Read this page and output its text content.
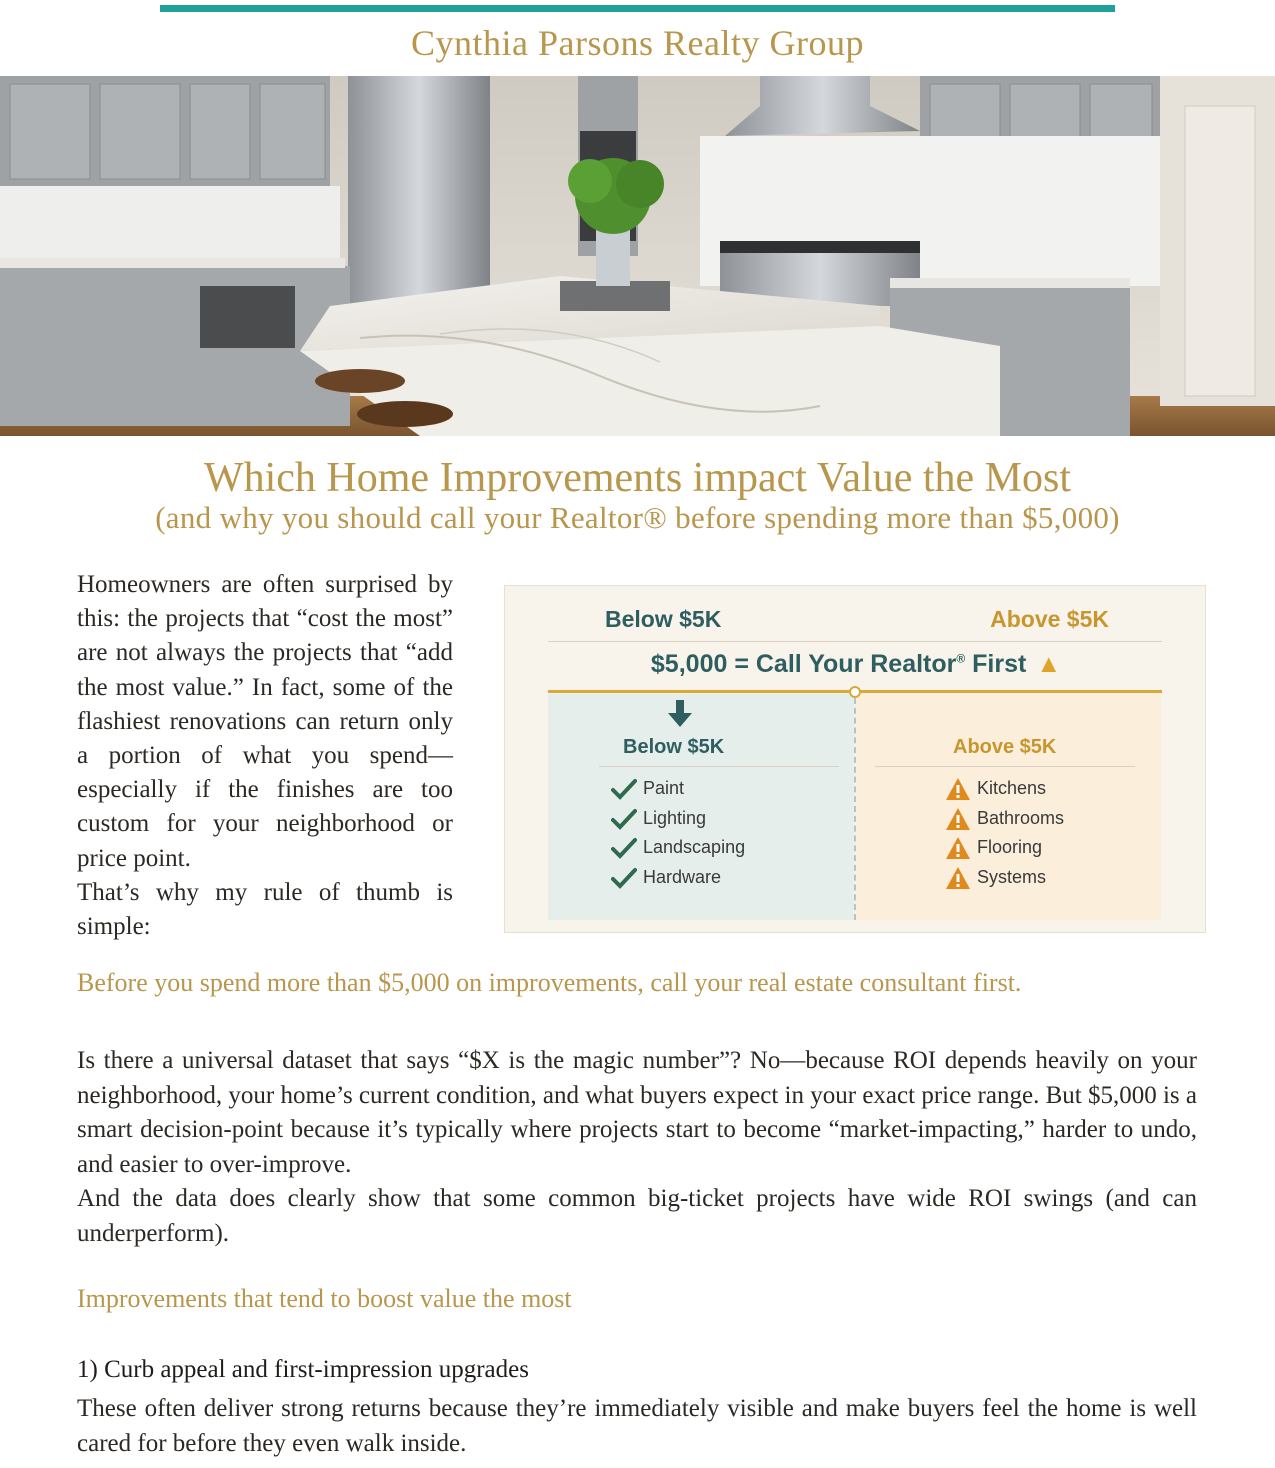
Cynthia Parsons Realty Group
Which Home Improvements impact Value the Most
(and why you should call your Realtor® before spending more than $5,000)

Homeowners are often surprised by this: the projects that “cost the most” are not always the projects that “add the most value.” In fact, some of the flashiest renovations can return only a portion of what you spend—especially if the finishes are too custom for your neighborhood or price point.

That’s why my rule of thumb is simple:

Below $5K	Above $5K
$5,000 = Call Your Realtor® First ▲
Below $5K	Above $5K
Paint
Lighting
Landscaping
Hardware
Kitchens
Bathrooms
Flooring
Systems
Before you spend more than $5,000 on improvements, call your real estate consultant first.

Is there a universal dataset that says “$X is the magic number”? No—because ROI depends heavily on your neighborhood, your home’s current condition, and what buyers expect in your exact price range. But $5,000 is a smart decision-point because it’s typically where projects start to become “market-impacting,” harder to undo, and easier to over-improve.

And the data does clearly show that some common big-ticket projects have wide ROI swings (and can underperform).

Improvements that tend to boost value the most
1) Curb appeal and first-impression upgrades
These often deliver strong returns because they’re immediately visible and make buyers feel the home is well cared for before they even walk inside.
